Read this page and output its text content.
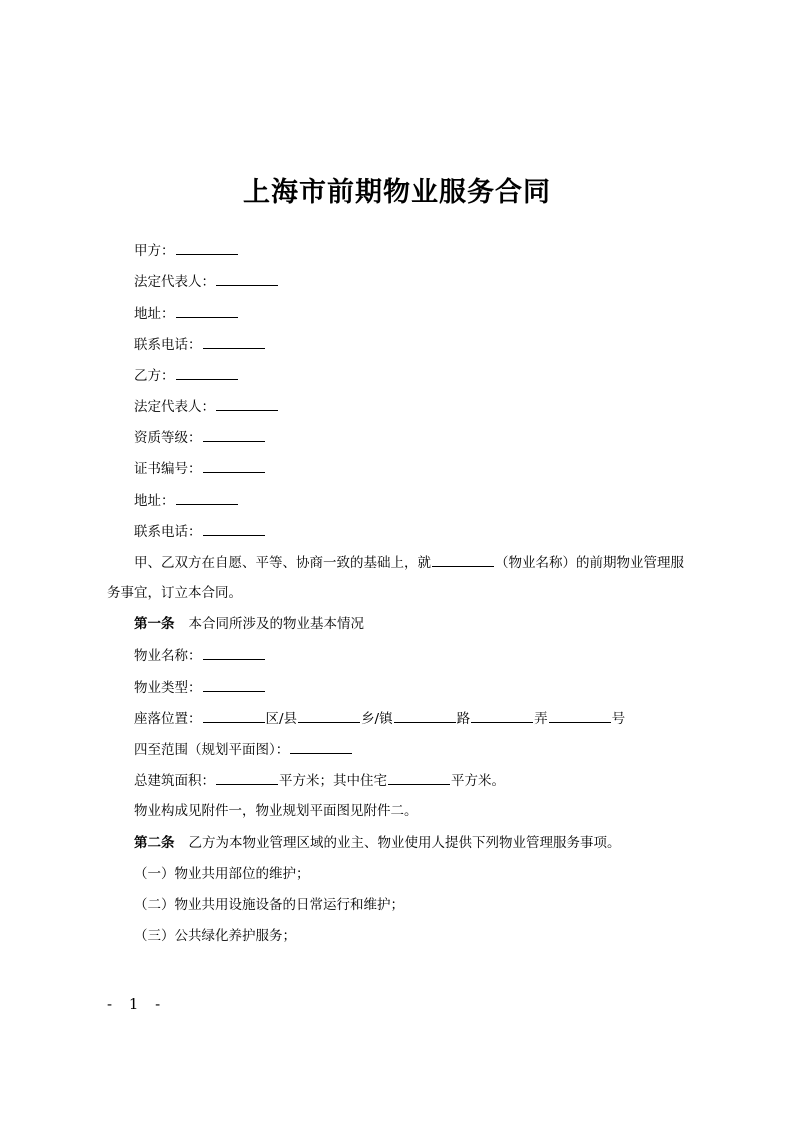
上海市前期物业服务合同
甲方：
法定代表人：
地址：
联系电话：
乙方：
法定代表人：
资质等级：
证书编号：
地址：
联系电话：
甲、乙双方在自愿、平等、协商一致的基础上，就	（物业名称）的前期物业管理服
务事宜，订立本合同。
第一条 本合同所涉及的物业基本情况
物业名称：
物业类型：
座落位置：	区/县	乡/镇	路	弄	号
四至范围（规划平面图）：
总建筑面积：	平方米；其中住宅	平方米。
物业构成见附件一，物业规划平面图见附件二。
第二条 乙方为本物业管理区域的业主、物业使用人提供下列物业管理服务事项。
（一）物业共用部位的维护；
（二）物业共用设施设备的日常运行和维护；
（三）公共绿化养护服务；
- 1 -
